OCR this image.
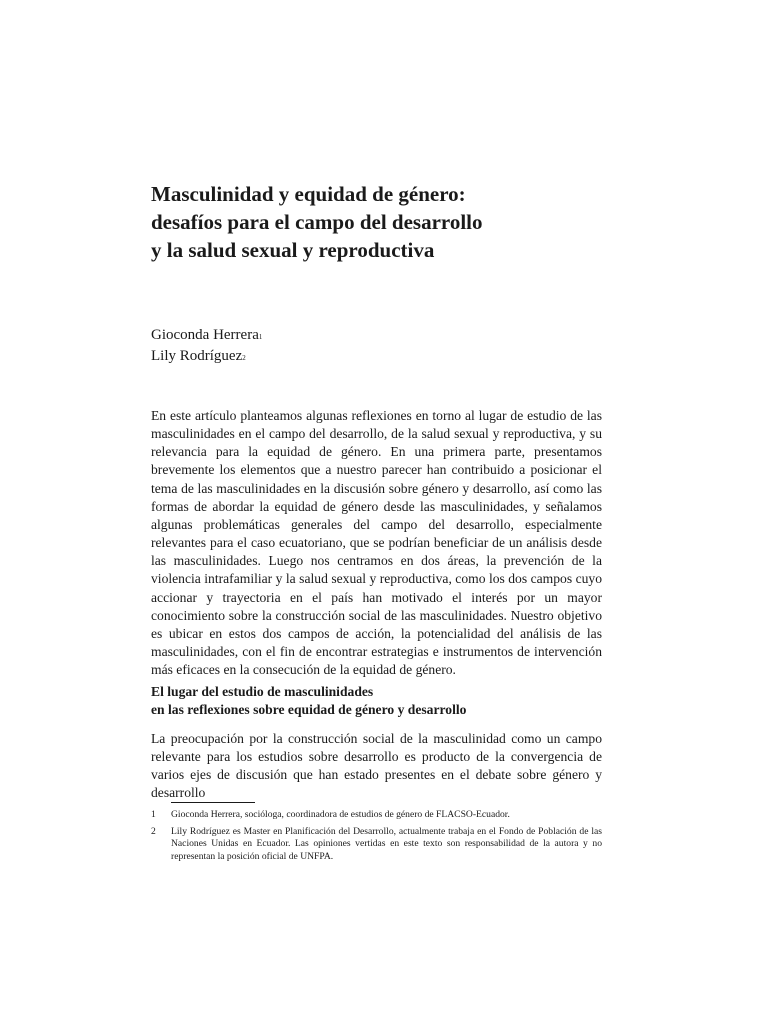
Masculinidad y equidad de género:
desafíos para el campo del desarrollo
y la salud sexual y reproductiva
Gioconda Herrera$^1$
Lily Rodríguez$^2$

En este artículo planteamos algunas reflexiones en torno al lugar de estudio de las masculinidades en el campo del desarrollo, de la salud sexual y reproductiva, y su relevancia para la equidad de género. En una primera parte, presentamos brevemente los elementos que a nuestro parecer han contribuido a posicionar el tema de las masculinidades en la discusión sobre género y desarrollo, así como las formas de abordar la equidad de género desde las masculinidades, y señalamos algunas problemáticas generales del campo del desarrollo, especialmente relevantes para el caso ecuatoriano, que se podrían beneficiar de un análisis desde las masculinidades. Luego nos centramos en dos áreas, la prevención de la violencia intrafamiliar y la salud sexual y reproductiva, como los dos campos cuyo accionar y trayectoria en el país han motivado el interés por un mayor conocimiento sobre la construcción social de las masculinidades. Nuestro objetivo es ubicar en estos dos campos de acción, la potencialidad del análisis de las masculinidades, con el fin de encontrar estrategias e instrumentos de intervención más eficaces en la consecución de la equidad de género.

El lugar del estudio de masculinidades
en las reflexiones sobre equidad de género y desarrollo

La preocupación por la construcción social de la masculinidad como un campo relevante para los estudios sobre desarrollo es producto de la convergencia de varios ejes de discusión que han estado presentes en el debate sobre género y desarrollo

1	Gioconda Herrera, socióloga, coordinadora de estudios de género de FLACSO-Ecuador.
2	Lily Rodríguez es Master en Planificación del Desarrollo, actualmente trabaja en el Fondo de Población de las Naciones Unidas en Ecuador. Las opiniones vertidas en este texto son responsabilidad de la autora y no representan la posición oficial de UNFPA.
